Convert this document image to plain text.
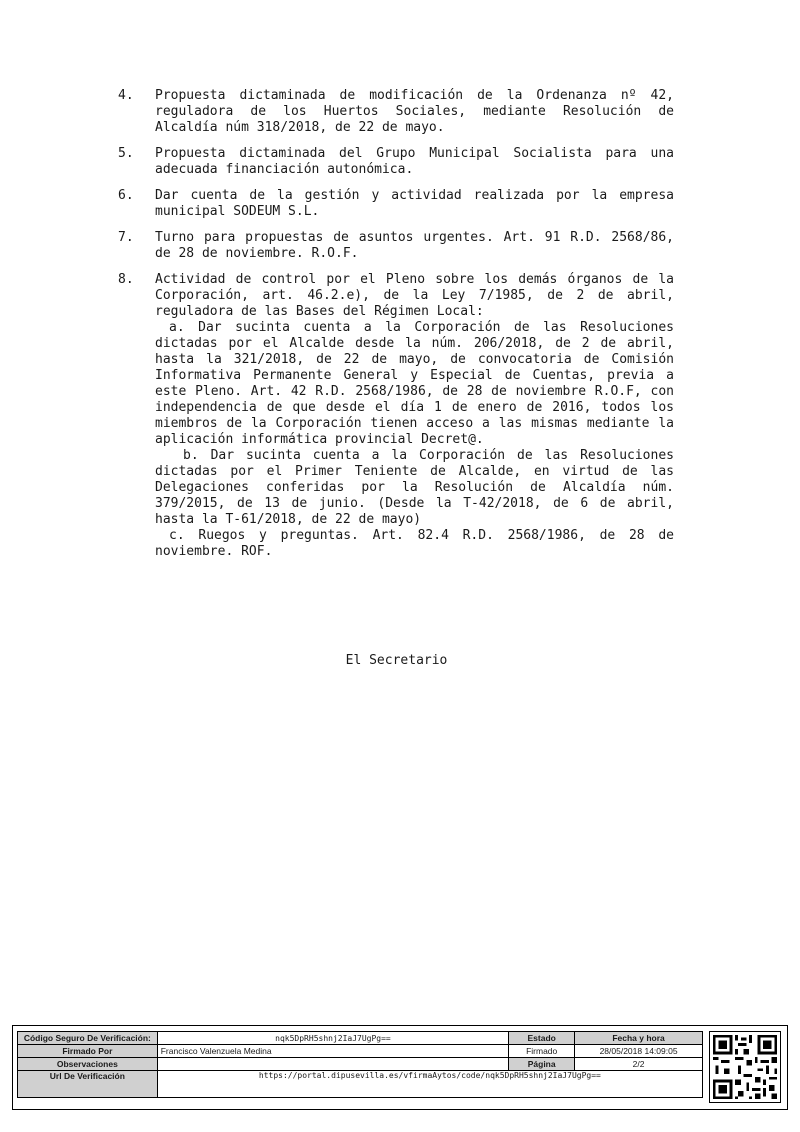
4.	Propuesta dictaminada de modificación de la Ordenanza nº 42, reguladora de los Huertos Sociales, mediante Resolución de Alcaldía núm 318/2018, de 22 de mayo.
5.	Propuesta dictaminada del Grupo Municipal Socialista para una adecuada financiación autonómica.
6.	Dar cuenta de la gestión y actividad realizada por la empresa municipal SODEUM S.L.
7.	Turno para propuestas de asuntos urgentes. Art. 91 R.D. 2568/86, de 28 de noviembre. R.O.F.
8.	Actividad de control por el Pleno sobre los demás órganos de la Corporación, art. 46.2.e), de la Ley 7/1985, de 2 de abril, reguladora de las Bases del Régimen Local:
a. Dar sucinta cuenta a la Corporación de las Resoluciones dictadas por el Alcalde desde la núm. 206/2018, de 2 de abril, hasta la 321/2018, de 22 de mayo, de convocatoria de Comisión Informativa Permanente General y Especial de Cuentas, previa a este Pleno. Art. 42 R.D. 2568/1986, de 28 de noviembre R.O.F, con independencia de que desde el día 1 de enero de 2016, todos los miembros de la Corporación tienen acceso a las mismas mediante la aplicación informática provincial Decret@.
b. Dar sucinta cuenta a la Corporación de las Resoluciones dictadas por el Primer Teniente de Alcalde, en virtud de las Delegaciones conferidas por la Resolución de Alcaldía núm. 379/2015, de 13 de junio. (Desde la T-42/2018, de 6 de abril, hasta la T-61/2018, de 22 de mayo)
c. Ruegos y preguntas. Art. 82.4 R.D. 2568/1986, de 28 de noviembre. ROF.
El Secretario
Código Seguro De Verificación:	nqk5DpRH5shnj2IaJ7UgPg==	Estado	Fecha y hora
Firmado Por	Francisco Valenzuela Medina	Firmado	28/05/2018 14:09:05
Observaciones		Página	2/2
Url De Verificación	https://portal.dipusevilla.es/vfirmaAytos/code/nqk5DpRH5shnj2IaJ7UgPg==		
